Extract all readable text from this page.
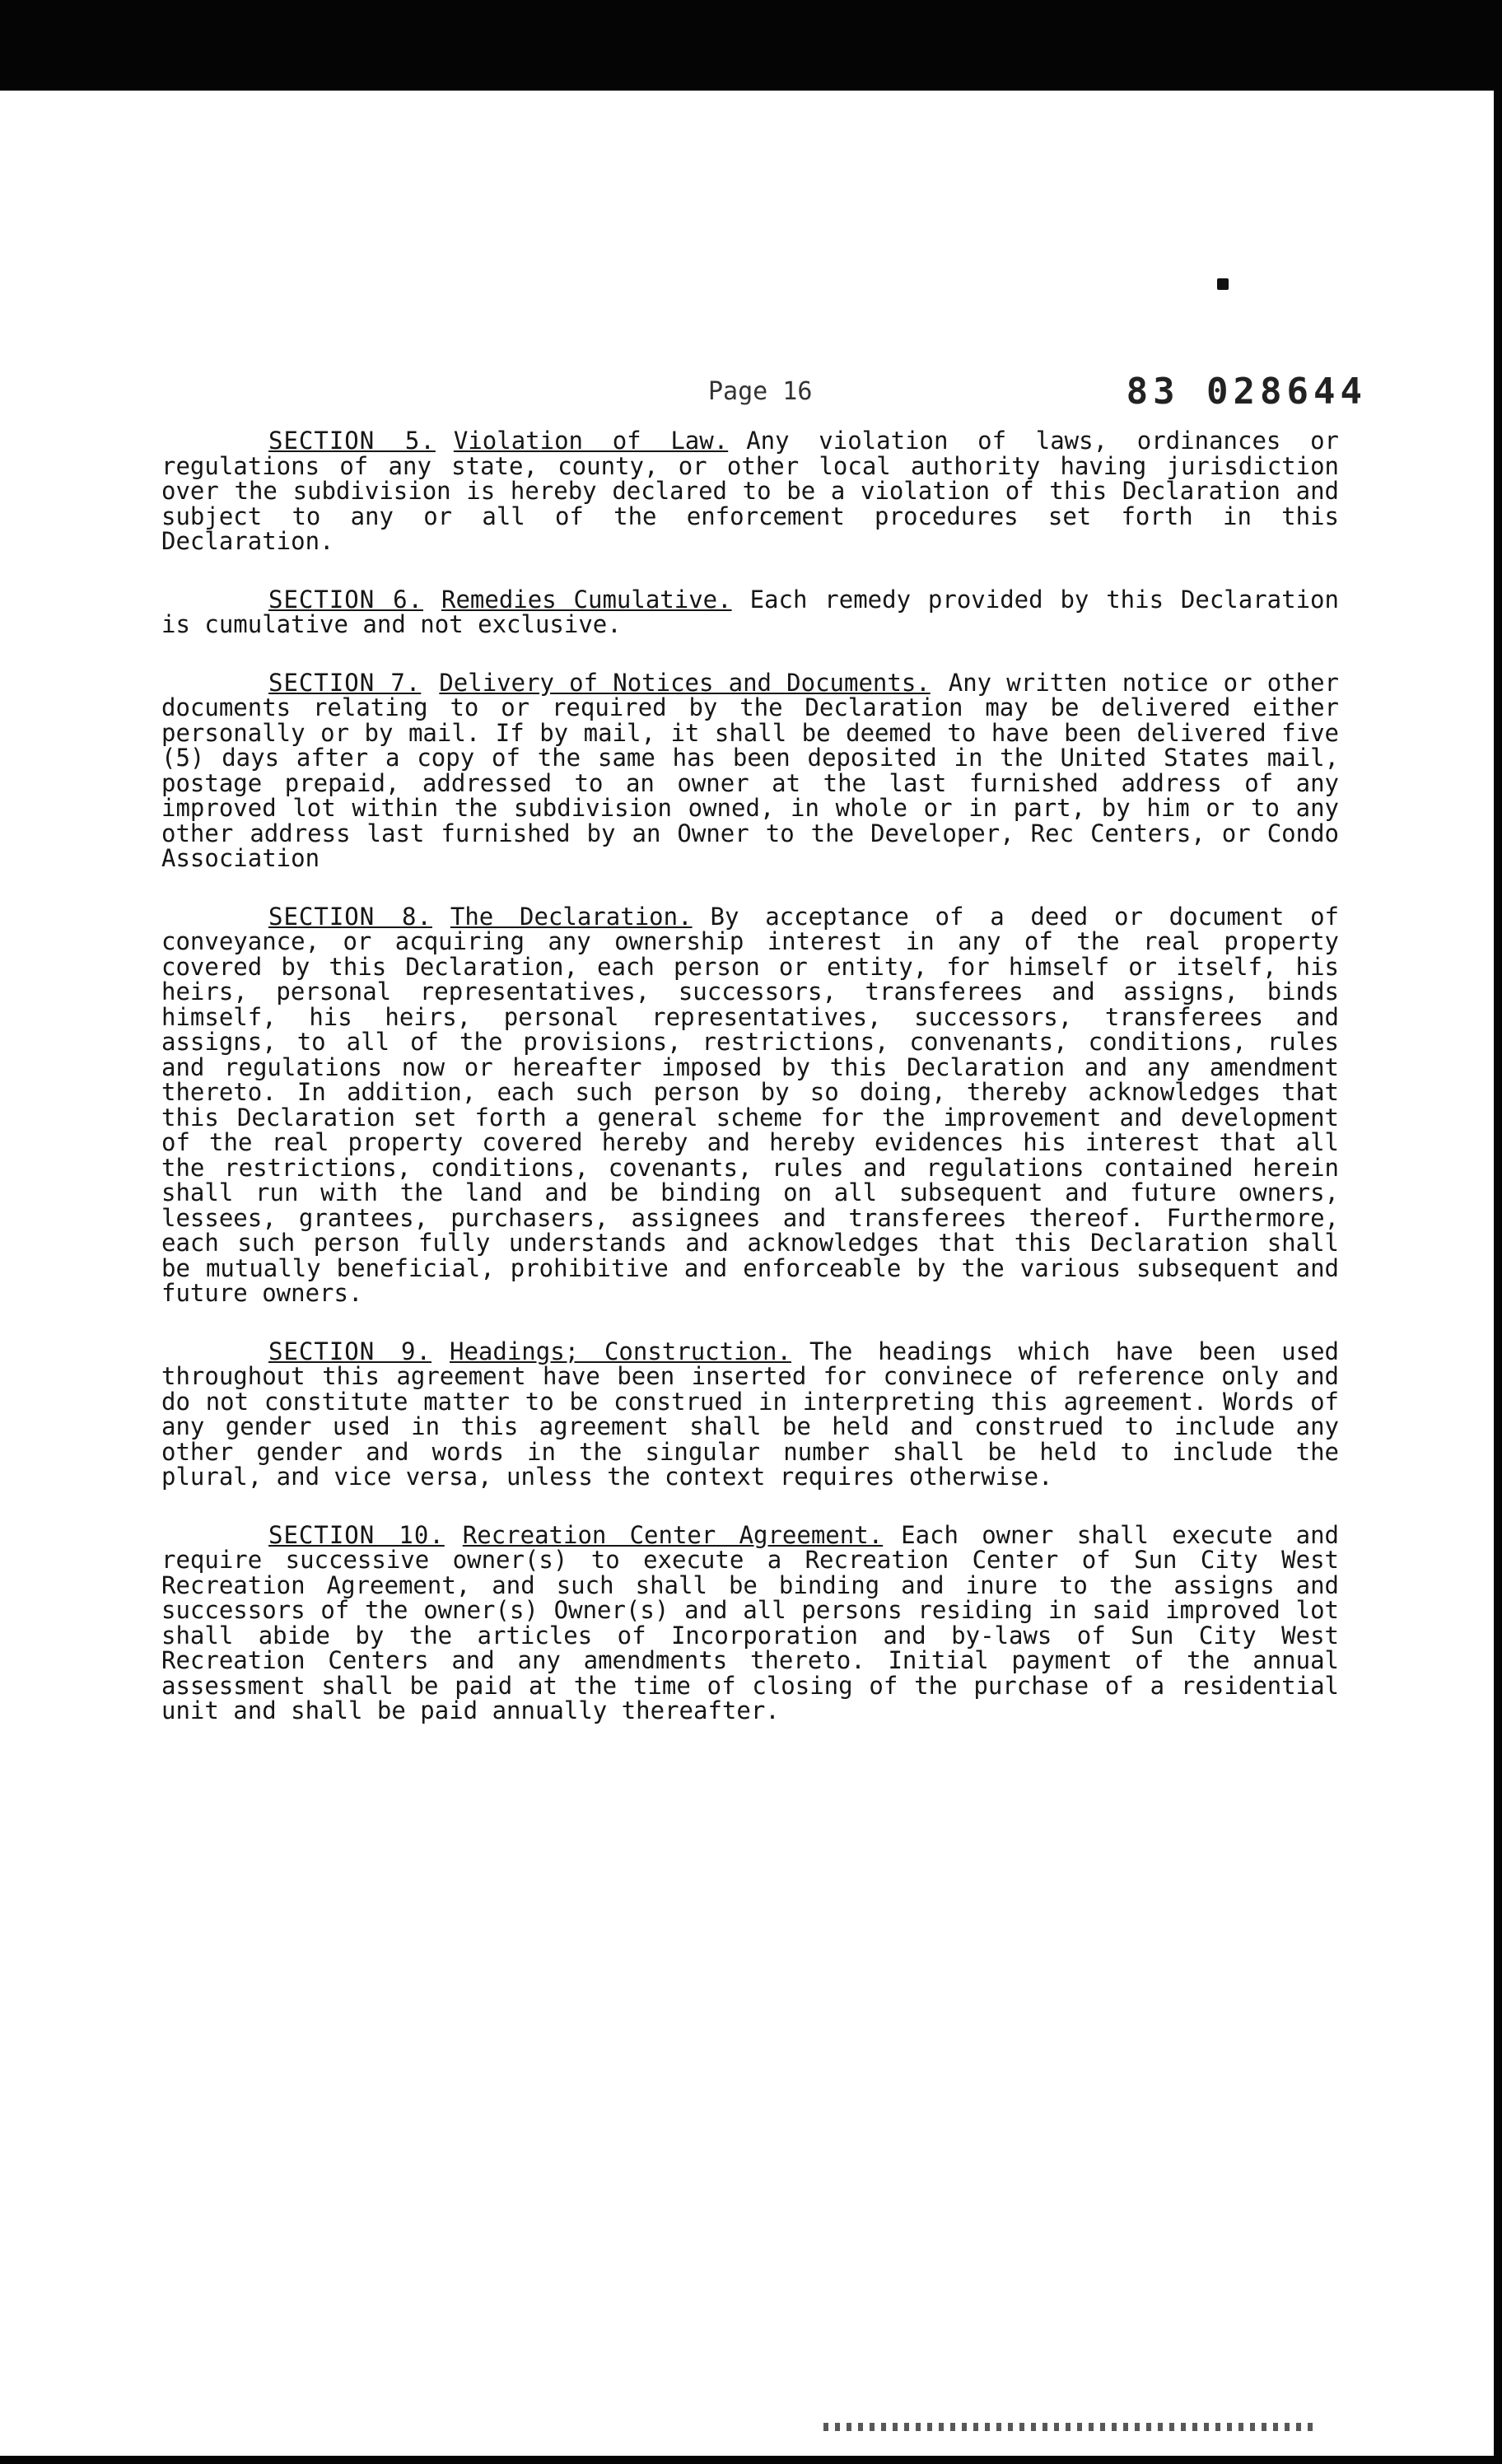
Page 16	83 028644

SECTION 5. Violation of Law. Any violation of laws, ordinances or regulations of any state, county, or other local authority having jurisdiction over the subdivision is hereby declared to be a violation of this Declaration and subject to any or all of the enforcement procedures set forth in this Declaration.

SECTION 6. Remedies Cumulative. Each remedy provided by this Declaration is cumulative and not exclusive.

SECTION 7. Delivery of Notices and Documents. Any written notice or other documents relating to or required by the Declaration may be delivered either personally or by mail. If by mail, it shall be deemed to have been delivered five (5) days after a copy of the same has been deposited in the United States mail, postage prepaid, addressed to an owner at the last furnished address of any improved lot within the subdivision owned, in whole or in part, by him or to any other address last furnished by an Owner to the Developer, Rec Centers, or Condo Association

SECTION 8. The Declaration. By acceptance of a deed or document of conveyance, or acquiring any ownership interest in any of the real property covered by this Declaration, each person or entity, for himself or itself, his heirs, personal representatives, successors, transferees and assigns, binds himself, his heirs, personal representatives, successors, transferees and assigns, to all of the provisions, restrictions, convenants, conditions, rules and regulations now or hereafter imposed by this Declaration and any amendment thereto. In addition, each such person by so doing, thereby acknowledges that this Declaration set forth a general scheme for the improvement and development of the real property covered hereby and hereby evidences his interest that all the restrictions, conditions, covenants, rules and regulations contained herein shall run with the land and be binding on all subsequent and future owners, lessees, grantees, purchasers, assignees and transferees thereof. Furthermore, each such person fully understands and acknowledges that this Declaration shall be mutually beneficial, prohibitive and enforceable by the various subsequent and future owners.

SECTION 9. Headings; Construction. The headings which have been used throughout this agreement have been inserted for convinece of reference only and do not constitute matter to be construed in interpreting this agreement. Words of any gender used in this agreement shall be held and construed to include any other gender and words in the singular number shall be held to include the plural, and vice versa, unless the context requires otherwise.

SECTION 10. Recreation Center Agreement. Each owner shall execute and require successive owner(s) to execute a Recreation Center of Sun City West Recreation Agreement, and such shall be binding and inure to the assigns and successors of the owner(s) Owner(s) and all persons residing in said improved lot shall abide by the articles of Incorporation and by-laws of Sun City West Recreation Centers and any amendments thereto. Initial payment of the annual assessment shall be paid at the time of closing of the purchase of a residential unit and shall be paid annually thereafter.
